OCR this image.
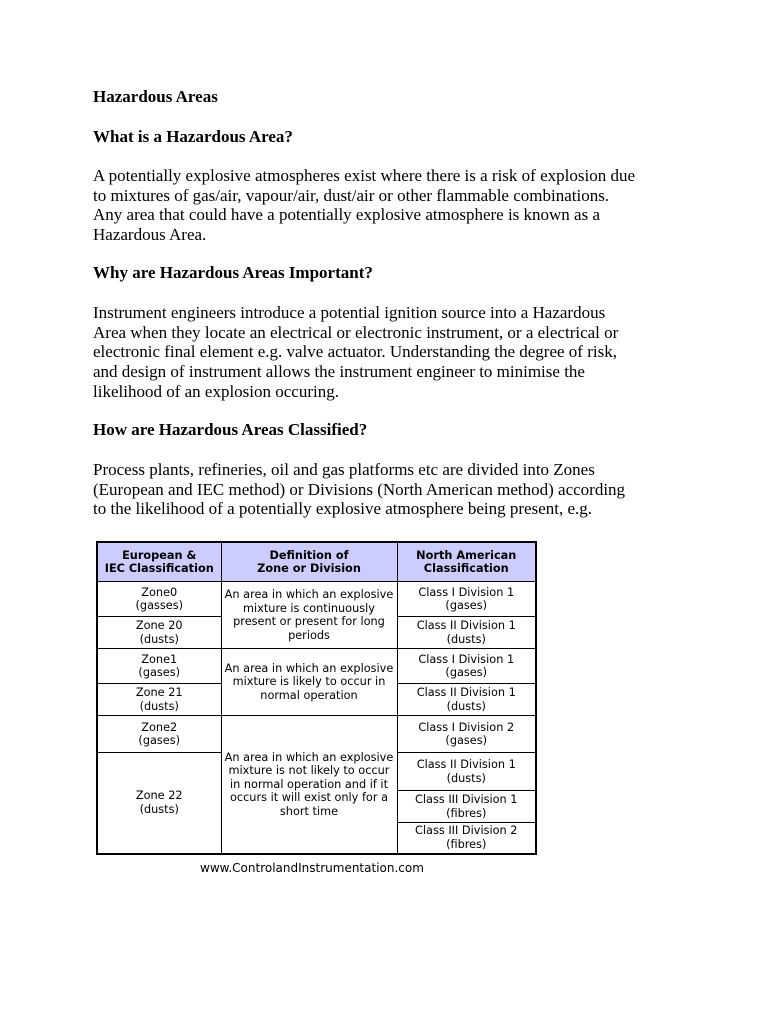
Hazardous Areas
What is a Hazardous Area?
A potentially explosive atmospheres exist where there is a risk of explosion due
to mixtures of gas/air, vapour/air, dust/air or other flammable combinations.
Any area that could have a potentially explosive atmosphere is known as a
Hazardous Area.
Why are Hazardous Areas Important?
Instrument engineers introduce a potential ignition source into a Hazardous
Area when they locate an electrical or electronic instrument, or a electrical or
electronic final element e.g. valve actuator. Understanding the degree of risk,
and design of instrument allows the instrument engineer to minimise the
likelihood of an explosion occuring.
How are Hazardous Areas Classified?
Process plants, refineries, oil and gas platforms etc are divided into Zones
(European and IEC method) or Divisions (North American method) according
to the likelihood of a potentially explosive atmosphere being present, e.g.
European &
IEC Classification	Definition of
Zone or Division	North American
Classification

Zone0
(gasses)	An area in which an explosive
mixture is continuously
present or present for long
periods	Class I Division 1
(gases)

Zone 20
(dusts)		Class II Division 1
(dusts)

Zone1
(gases)	An area in which an explosive
mixture is likely to occur in
normal operation	Class I Division 1
(gases)

Zone 21
(dusts)		Class II Division 1
(dusts)

Zone2
(gases)	An area in which an explosive
mixture is not likely to occur
in normal operation and if it
occurs it will exist only for a
short time	Class I Division 2
(gases)

Zone 22
(dusts)		Class II Division 1
(dusts)

		Class III Division 1
(fibres)

		Class III Division 2
(fibres)
www.ControlandInstrumentation.com
